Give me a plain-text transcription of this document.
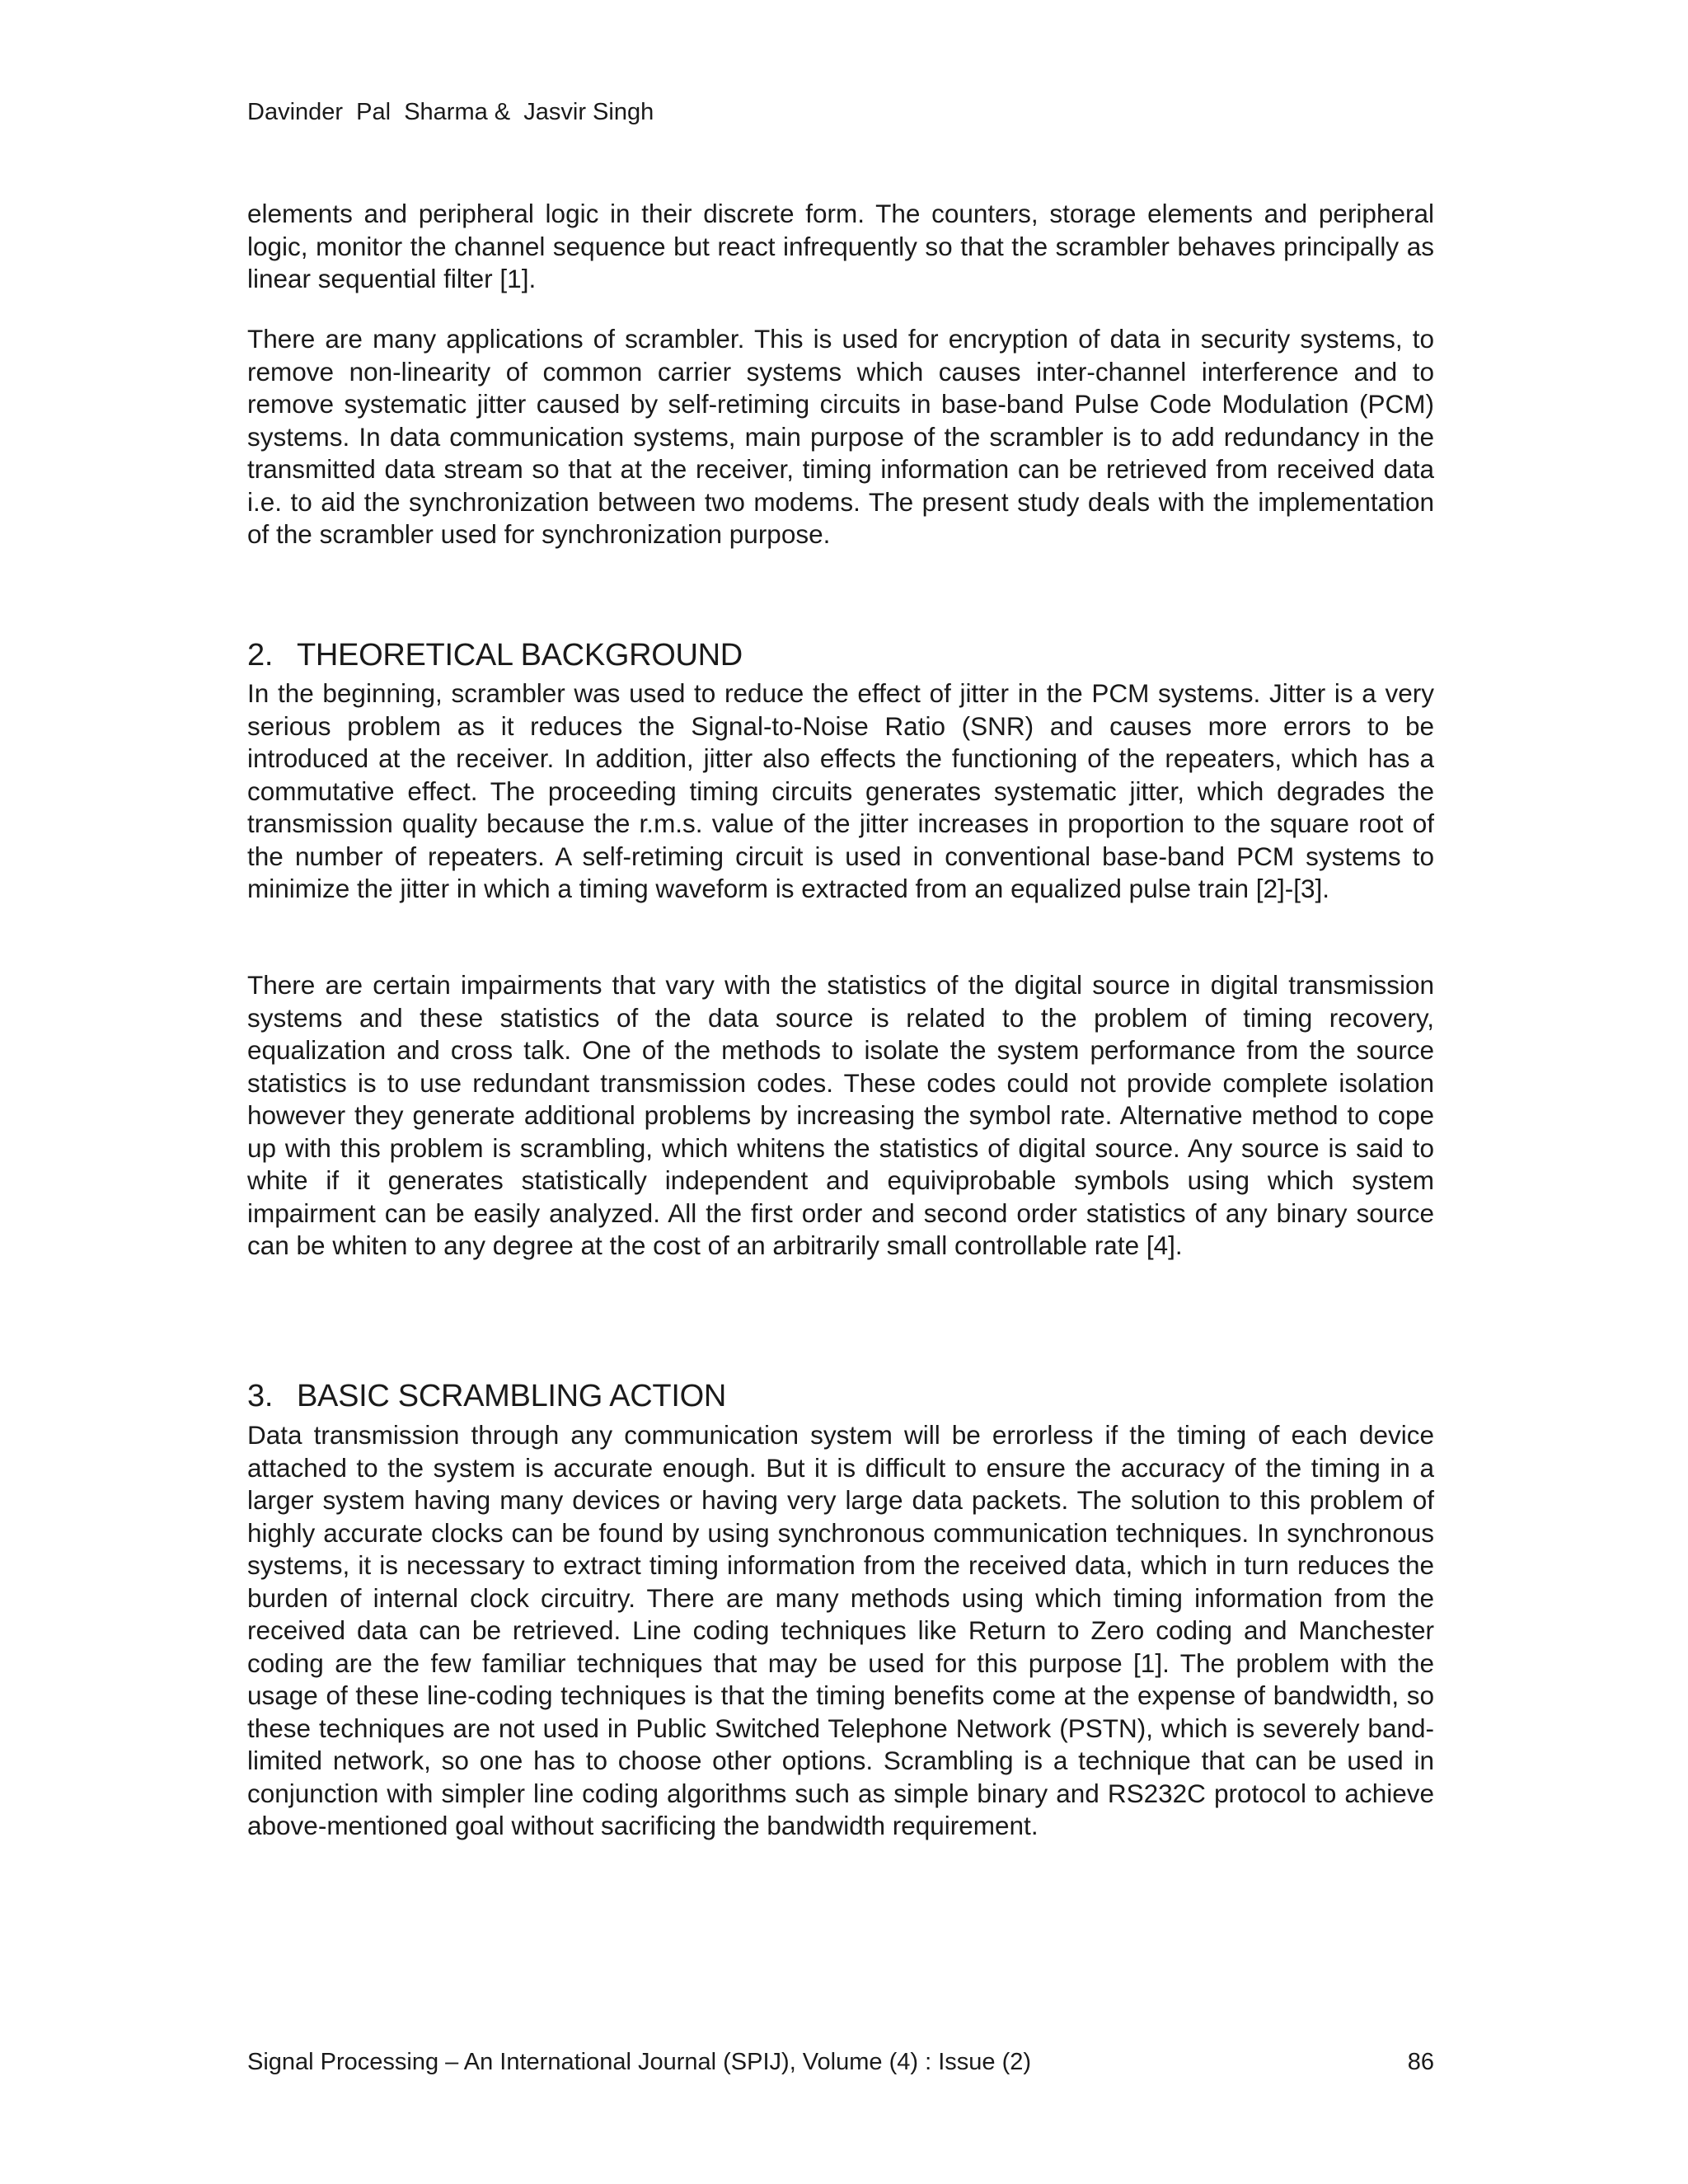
Davinder  Pal  Sharma &  Jasvir Singh

elements and peripheral logic in their discrete form. The counters, storage elements and peripheral logic, monitor the channel sequence but react infrequently so that the scrambler behaves principally as linear sequential filter [1].

There are many applications of scrambler. This is used for encryption of data in security systems, to remove non-linearity of common carrier systems which causes inter-channel interference and to remove systematic jitter caused by self-retiming circuits in base-band Pulse Code Modulation (PCM) systems. In data communication systems, main purpose of the scrambler is to add redundancy in the transmitted data stream so that at the receiver, timing information can be retrieved from received data i.e. to aid the synchronization between two modems. The present study deals with the implementation of the scrambler used for synchronization purpose.

2. THEORETICAL BACKGROUND

In the beginning, scrambler was used to reduce the effect of jitter in the PCM systems. Jitter is a very serious problem as it reduces the Signal-to-Noise Ratio (SNR) and causes more errors to be introduced at the receiver. In addition, jitter also effects the functioning of the repeaters, which has a commutative effect. The proceeding timing circuits generates systematic jitter, which degrades the transmission quality because the r.m.s. value of the jitter increases in proportion to the square root of the number of repeaters. A self-retiming circuit is used in conventional base-band PCM systems to minimize the jitter in which a timing waveform is extracted from an equalized pulse train [2]-[3].

There are certain impairments that vary with the statistics of the digital source in digital transmission systems and these statistics of the data source is related to the problem of timing recovery, equalization and cross talk. One of the methods to isolate the system performance from the source statistics is to use redundant transmission codes. These codes could not provide complete isolation however they generate additional problems by increasing the symbol rate. Alternative method to cope up with this problem is scrambling, which whitens the statistics of digital source. Any source is said to white if it generates statistically independent and equiviprobable symbols using which system impairment can be easily analyzed. All the first order and second order statistics of any binary source can be whiten to any degree at the cost of an arbitrarily small controllable rate [4].

3. BASIC SCRAMBLING ACTION

Data transmission through any communication system will be errorless if the timing of each device attached to the system is accurate enough. But it is difficult to ensure the accuracy of the timing in a larger system having many devices or having very large data packets. The solution to this problem of highly accurate clocks can be found by using synchronous communication techniques. In synchronous systems, it is necessary to extract timing information from the received data, which in turn reduces the burden of internal clock circuitry. There are many methods using which timing information from the received data can be retrieved. Line coding techniques like Return to Zero coding and Manchester coding are the few familiar techniques that may be used for this purpose [1]. The problem with the usage of these line-coding techniques is that the timing benefits come at the expense of bandwidth, so these techniques are not used in Public Switched Telephone Network (PSTN), which is severely band-limited network, so one has to choose other options. Scrambling is a technique that can be used in conjunction with simpler line coding algorithms such as simple binary and RS232C protocol to achieve above-mentioned goal without sacrificing the bandwidth requirement.

Signal Processing – An International Journal (SPIJ), Volume (4) : Issue (2)	86
